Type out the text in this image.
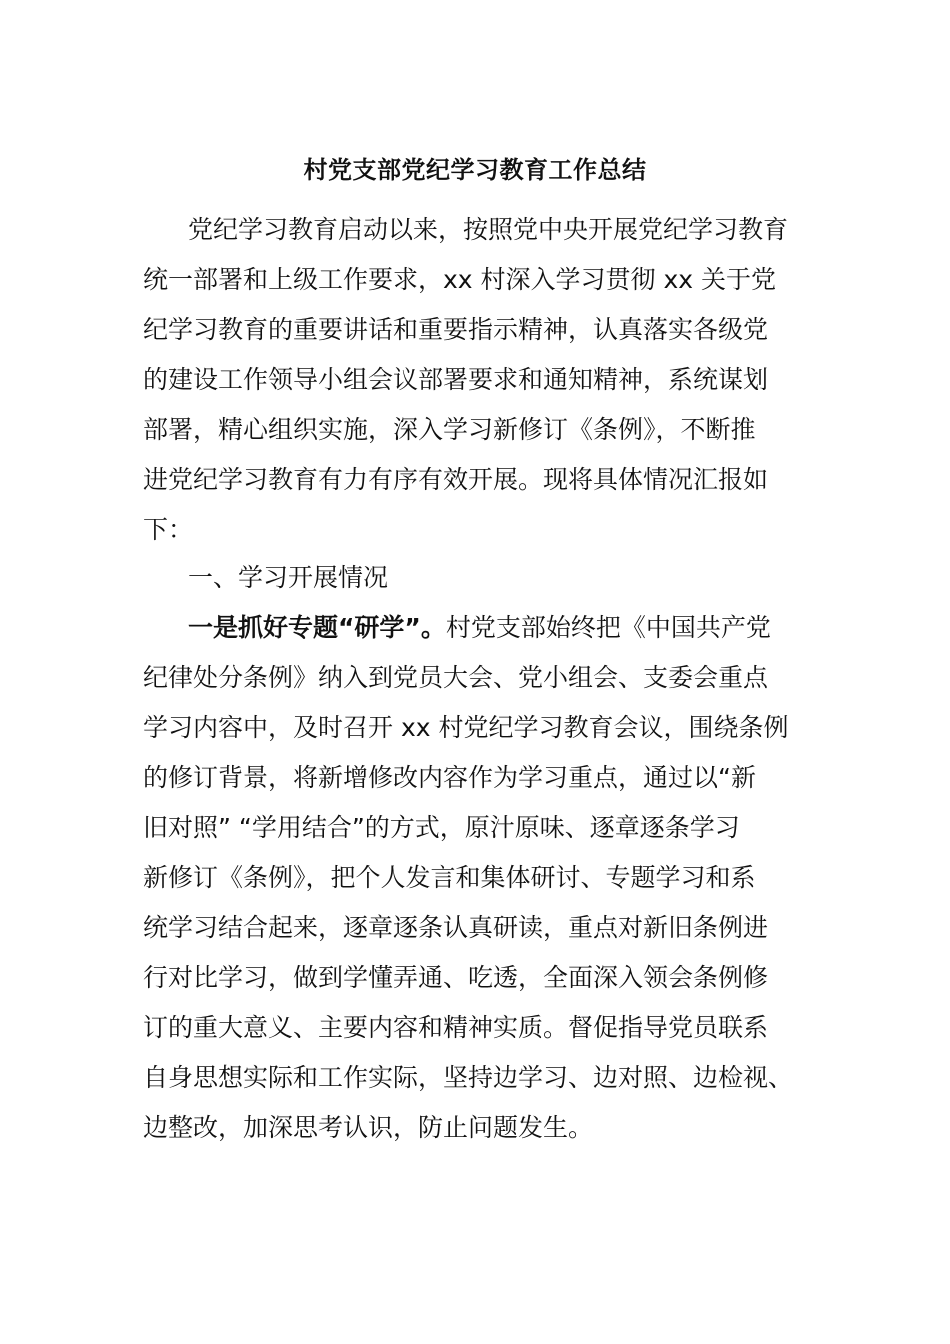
村党支部党纪学习教育工作总结
党纪学习教育启动以来，按照党中央开展党纪学习教育
统一部署和上级工作要求，xx 村深入学习贯彻 xx 关于党
纪学习教育的重要讲话和重要指示精神，认真落实各级党
的建设工作领导小组会议部署要求和通知精神，系统谋划
部署，精心组织实施，深入学习新修订《条例》，不断推
进党纪学习教育有力有序有效开展。现将具体情况汇报如
下：
一、学习开展情况
一是抓好专题“研学”。村党支部始终把《中国共产党
纪律处分条例》纳入到党员大会、党小组会、支委会重点
学习内容中，及时召开 xx 村党纪学习教育会议，围绕条例
的修订背景，将新增修改内容作为学习重点，通过以“新
旧对照” “学用结合”的方式，原汁原味、逐章逐条学习
新修订《条例》，把个人发言和集体研讨、专题学习和系
统学习结合起来，逐章逐条认真研读，重点对新旧条例进
行对比学习，做到学懂弄通、吃透，全面深入领会条例修
订的重大意义、主要内容和精神实质。督促指导党员联系
自身思想实际和工作实际，坚持边学习、边对照、边检视、
边整改，加深思考认识，防止问题发生。
